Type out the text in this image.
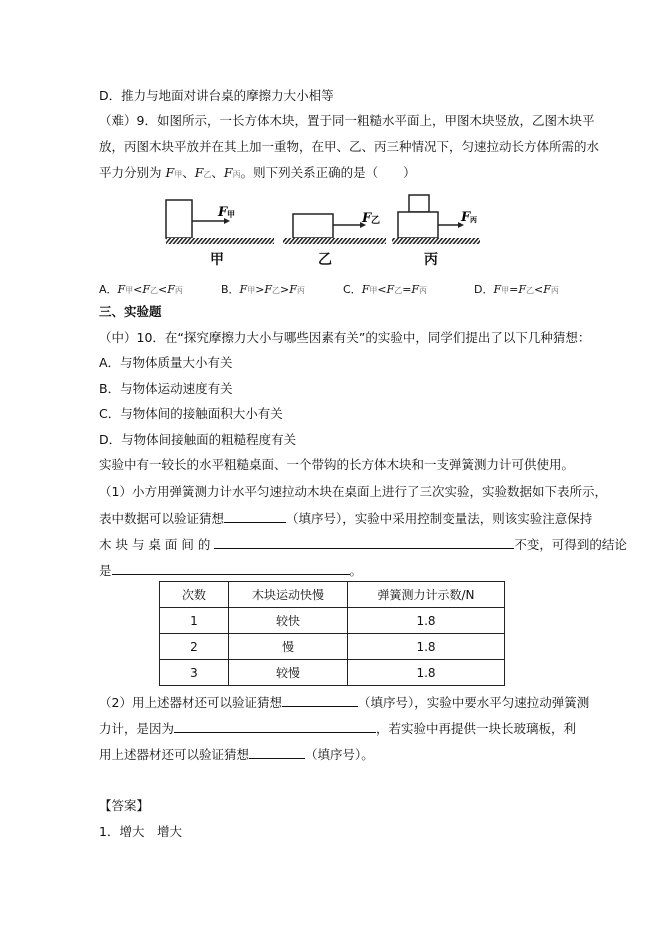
D．推力与地面对讲台桌的摩擦力大小相等
（难）9．如图所示，一长方体木块，置于同一粗糙水平面上，甲图木块竖放，乙图木块平
放，丙图木块平放并在其上加一重物，在甲、乙、丙三种情况下，匀速拉动长方体所需的水
平力分别为 F甲、F乙、F丙。则下列关系正确的是（　　）
F 甲	F 乙	F 丙
甲	乙	丙
A．F甲<F乙<F丙	B．F甲>F乙>F丙	C．F甲<F乙=F丙	D．F甲=F乙<F丙
三、实验题
（中）10．在“探究摩擦力大小与哪些因素有关”的实验中，同学们提出了以下几种猜想：
A．与物体质量大小有关
B．与物体运动速度有关
C．与物体间的接触面积大小有关
D．与物体间接触面的粗糙程度有关
实验中有一较长的水平粗糙桌面、一个带钩的长方体木块和一支弹簧测力计可供使用。
（1）小方用弹簧测力计水平匀速拉动木块在桌面上进行了三次实验，实验数据如下表所示，
表中数据可以验证猜想	（填序号），实验中采用控制变量法，则该实验注意保持
木 块 与 桌 面 间 的	不变，可得到的结论
是	。
次数	木块运动快慢	弹簧测力计示数/N
1	较快	1.8
2	慢	1.8
3	较慢	1.8
（2）用上述器材还可以验证猜想	（填序号），实验中要水平匀速拉动弹簧测
力计，是因为	，若实验中再提供一块长玻璃板，利
用上述器材还可以验证猜想	（填序号）。
【答案】
1．增大　增大
